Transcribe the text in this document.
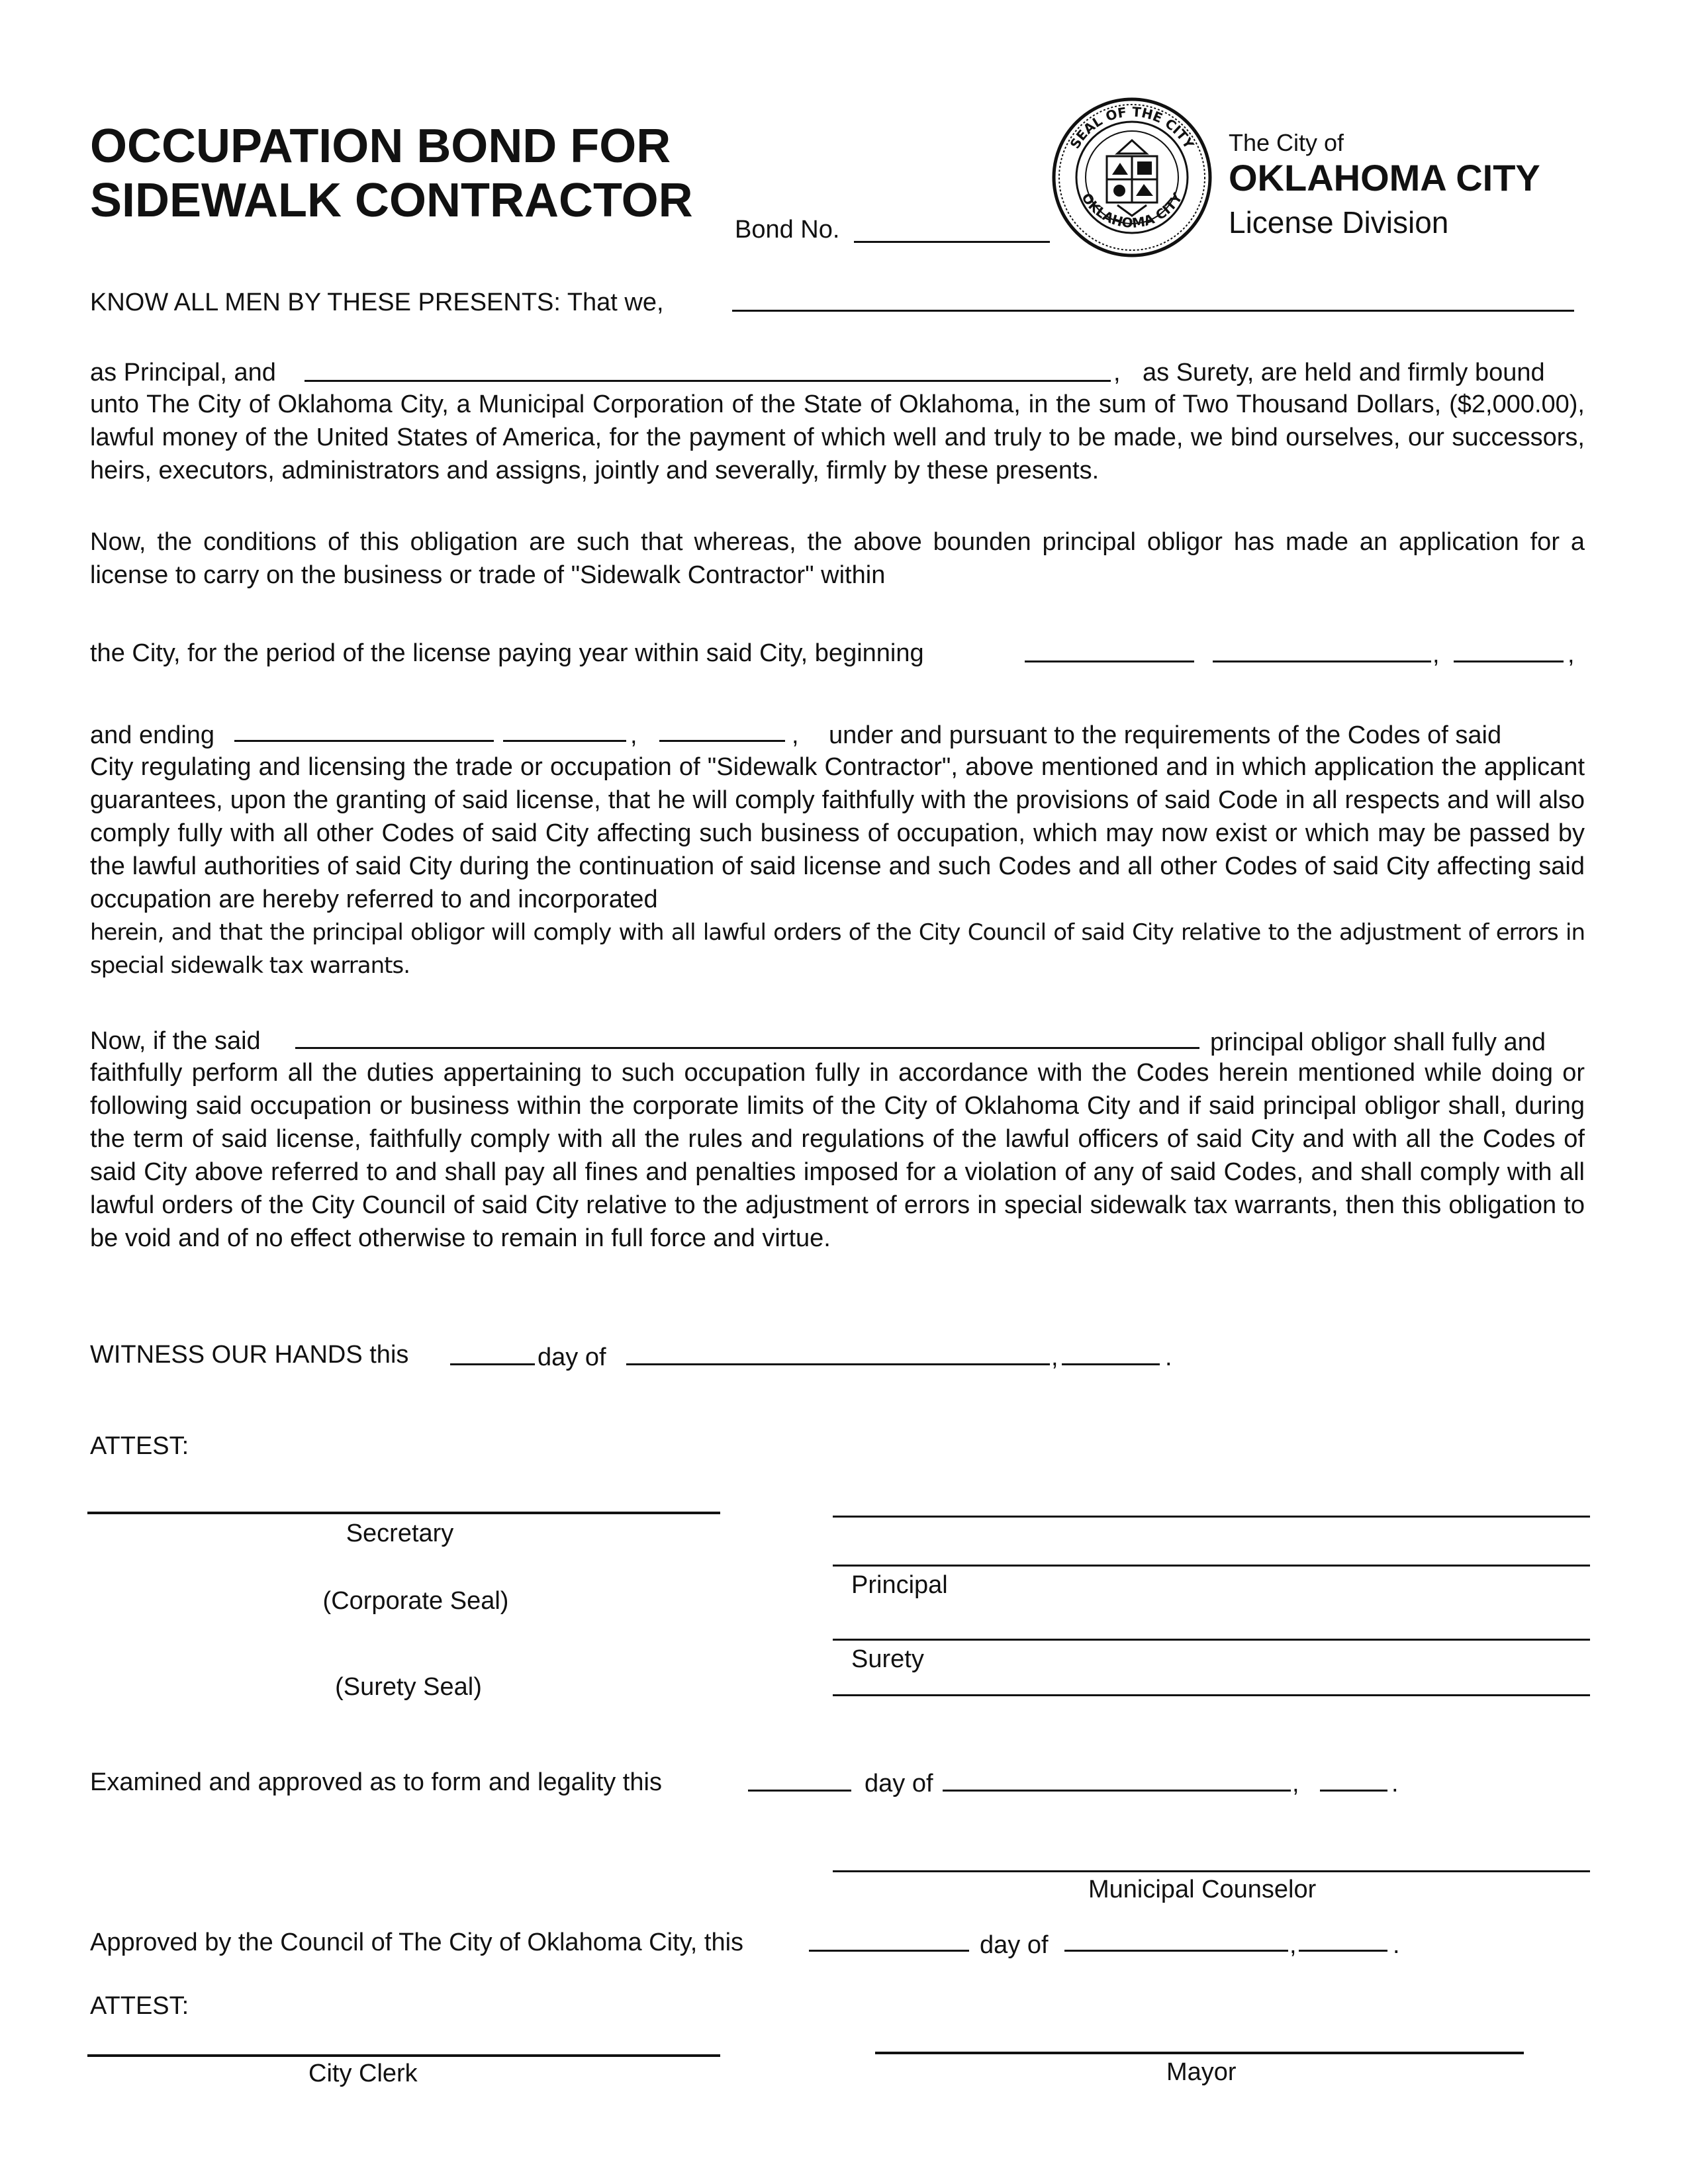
OCCUPATION BOND FOR
SIDEWALK CONTRACTOR
Bond No.
SEAL OF THE CITY
OKLAHOMA CITY
The City of
OKLAHOMA CITY
License Division
KNOW ALL MEN BY THESE PRESENTS: That we,
as Principal, and	, as Surety, are held and firmly bound

unto The City of Oklahoma City, a Municipal Corporation of the State of Oklahoma, in the sum of Two Thousand Dollars, ($2,000.00), lawful money of the United States of America, for the payment of which well and truly to be made, we bind ourselves, our successors, heirs, executors, administrators and assigns, jointly and severally, firmly by these presents.

Now, the conditions of this obligation are such that whereas, the above bounden principal obligor has made an application for a license to carry on the business or trade of "Sidewalk Contractor" within

the City, for the period of the license paying year within said City, beginning	,	,
and ending	,	, under and pursuant to the requirements of the Codes of said

City regulating and licensing the trade or occupation of "Sidewalk Contractor", above mentioned and in which application the applicant guarantees, upon the granting of said license, that he will comply faithfully with the provisions of said Code in all respects and will also comply fully with all other Codes of said City affecting such business of occupation, which may now exist or which may be passed by the lawful authorities of said City during the continuation of said license and such Codes and all other Codes of said City affecting said occupation are hereby referred to and incorporated

herein, and that the principal obligor will comply with all lawful orders of the City Council of said City relative to the adjustment of errors in special sidewalk tax warrants.

Now, if the said	principal obligor shall fully and

faithfully perform all the duties appertaining to such occupation fully in accordance with the Codes herein mentioned while doing or following said occupation or business within the corporate limits of the City of Oklahoma City and if said principal obligor shall, during the term of said license, faithfully comply with all the rules and regulations of the lawful officers of said City and with all the Codes of said City above referred to and shall pay all fines and penalties imposed for a violation of any of said Codes, and shall comply with all lawful orders of the City Council of said City relative to the adjustment of errors in special sidewalk tax warrants, then this obligation to be void and of no effect otherwise to remain in full force and virtue.

WITNESS OUR HANDS this	day of	,	.
ATTEST:
Secretary
(Corporate Seal)
(Surety Seal)
Principal
Surety
Examined and approved as to form and legality this	day of	,	.
Municipal Counselor
Approved by the Council of The City of Oklahoma City, this	day of	,	.
ATTEST:
City Clerk	Mayor
